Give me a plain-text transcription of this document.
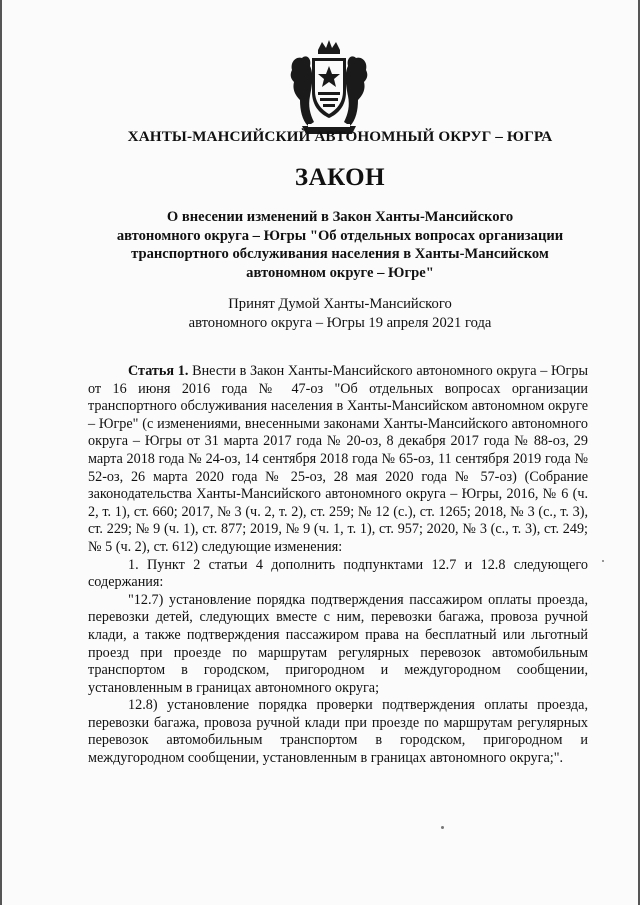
ХАНТЫ-МАНСИЙСКИЙ АВТОНОМНЫЙ ОКРУГ – ЮГРА
ЗАКОН
О внесении изменений в Закон Ханты-Мансийского
автономного округа – Югры "Об отдельных вопросах организации
транспортного обслуживания населения в Ханты-Мансийском
автономном округе – Югре"
Принят Думой Ханты-Мансийского
автономного округа – Югры 19 апреля 2021 года

Статья 1. Внести в Закон Ханты-Мансийского автономного округа – Югры от 16 июня 2016 года № 47-оз "Об отдельных вопросах организации транспортного обслуживания населения в Ханты-Мансийском автономном округе – Югре" (с изменениями, внесенными законами Ханты-Мансийского автономного округа – Югры от 31 марта 2017 года № 20-оз, 8 декабря 2017 года № 88-оз, 29 марта 2018 года № 24-оз, 14 сентября 2018 года № 65-оз, 11 сентября 2019 года № 52-оз, 26 марта 2020 года № 25-оз, 28 мая 2020 года № 57-оз) (Собрание законодательства Ханты-Мансийского автономного округа – Югры, 2016, № 6 (ч. 2, т. 1), ст. 660; 2017, № 3 (ч. 2, т. 2), ст. 259; № 12 (с.), ст. 1265; 2018, № 3 (с., т. 3), ст. 229; № 9 (ч. 1), ст. 877; 2019, № 9 (ч. 1, т. 1), ст. 957; 2020, № 3 (с., т. 3), ст. 249; № 5 (ч. 2), ст. 612) следующие изменения:

1. Пункт 2 статьи 4 дополнить подпунктами 12.7 и 12.8 следующего содержания:

"12.7) установление порядка подтверждения пассажиром оплаты проезда, перевозки детей, следующих вместе с ним, перевозки багажа, провоза ручной клади, а также подтверждения пассажиром права на бесплатный или льготный проезд при проезде по маршрутам регулярных перевозок автомобильным транспортом в городском, пригородном и междугородном сообщении, установленным в границах автономного округа;

12.8) установление порядка проверки подтверждения оплаты проезда, перевозки багажа, провоза ручной клади при проезде по маршрутам регулярных перевозок автомобильным транспортом в городском, пригородном и междугородном сообщении, установленным в границах автономного округа;".
